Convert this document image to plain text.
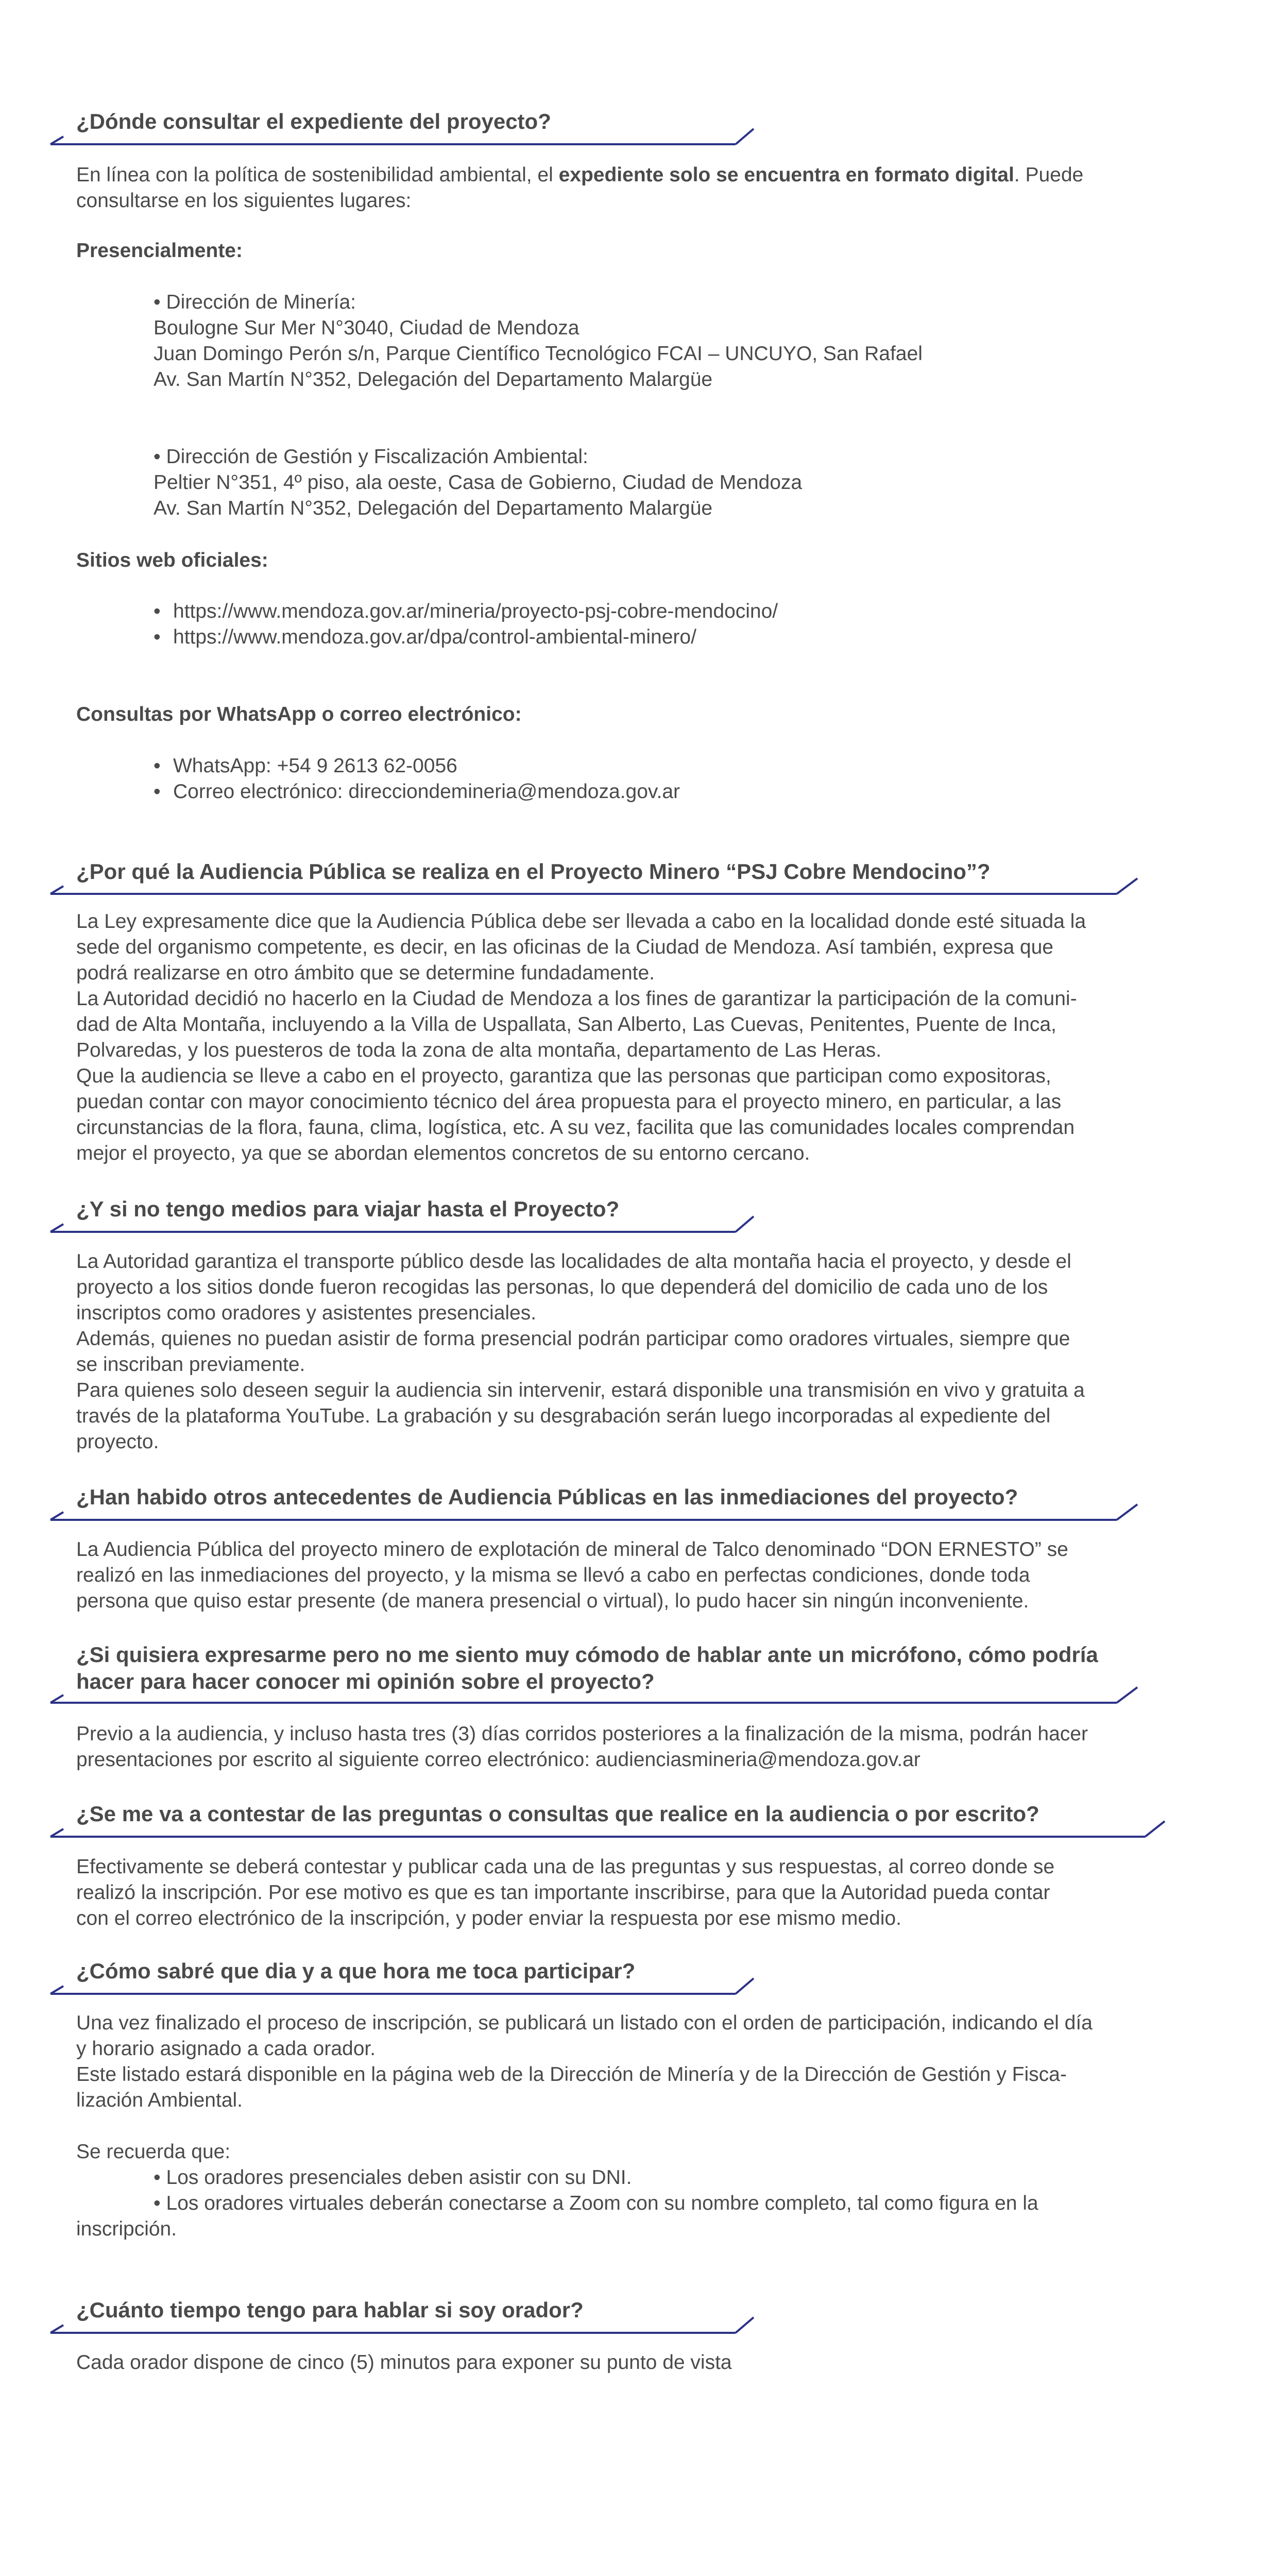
¿Dónde consultar el expediente del proyecto?

En línea con la política de sostenibilidad ambiental, el expediente solo se encuentra en formato digital. Puede
consultarse en los siguientes lugares:

Presencialmente:

• Dirección de Minería:
Boulogne Sur Mer N°3040, Ciudad de Mendoza
Juan Domingo Perón s/n, Parque Científico Tecnológico FCAI – UNCUYO, San Rafael
Av. San Martín N°352, Delegación del Departamento Malargüe
• Dirección de Gestión y Fiscalización Ambiental:
Peltier N°351, 4º piso, ala oeste, Casa de Gobierno, Ciudad de Mendoza
Av. San Martín N°352, Delegación del Departamento Malargüe

Sitios web oficiales:

• https://www.mendoza.gov.ar/mineria/proyecto-psj-cobre-mendocino/
• https://www.mendoza.gov.ar/dpa/control-ambiental-minero/

Consultas por WhatsApp o correo electrónico:

• WhatsApp: +54 9 2613 62-0056
• Correo electrónico: direcciondemineria@mendoza.gov.ar
¿Por qué la Audiencia Pública se realiza en el Proyecto Minero “PSJ Cobre Mendocino”?
La Ley expresamente dice que la Audiencia Pública debe ser llevada a cabo en la localidad donde esté situada la
sede del organismo competente, es decir, en las oficinas de la Ciudad de Mendoza. Así también, expresa que
podrá realizarse en otro ámbito que se determine fundadamente.
La Autoridad decidió no hacerlo en la Ciudad de Mendoza a los fines de garantizar la participación de la comuni-
dad de Alta Montaña, incluyendo a la Villa de Uspallata, San Alberto, Las Cuevas, Penitentes, Puente de Inca,
Polvaredas, y los puesteros de toda la zona de alta montaña, departamento de Las Heras.
Que la audiencia se lleve a cabo en el proyecto, garantiza que las personas que participan como expositoras,
puedan contar con mayor conocimiento técnico del área propuesta para el proyecto minero, en particular, a las
circunstancias de la flora, fauna, clima, logística, etc. A su vez, facilita que las comunidades locales comprendan
mejor el proyecto, ya que se abordan elementos concretos de su entorno cercano.
¿Y si no tengo medios para viajar hasta el Proyecto?
La Autoridad garantiza el transporte público desde las localidades de alta montaña hacia el proyecto, y desde el
proyecto a los sitios donde fueron recogidas las personas, lo que dependerá del domicilio de cada uno de los
inscriptos como oradores y asistentes presenciales.
Además, quienes no puedan asistir de forma presencial podrán participar como oradores virtuales, siempre que
se inscriban previamente.
Para quienes solo deseen seguir la audiencia sin intervenir, estará disponible una transmisión en vivo y gratuita a
través de la plataforma YouTube. La grabación y su desgrabación serán luego incorporadas al expediente del
proyecto.
¿Han habido otros antecedentes de Audiencia Públicas en las inmediaciones del proyecto?
La Audiencia Pública del proyecto minero de explotación de mineral de Talco denominado “DON ERNESTO” se
realizó en las inmediaciones del proyecto, y la misma se llevó a cabo en perfectas condiciones, donde toda
persona que quiso estar presente (de manera presencial o virtual), lo pudo hacer sin ningún inconveniente.
¿Si quisiera expresarme pero no me siento muy cómodo de hablar ante un micrófono, cómo podría
hacer para hacer conocer mi opinión sobre el proyecto?
Previo a la audiencia, y incluso hasta tres (3) días corridos posteriores a la finalización de la misma, podrán hacer
presentaciones por escrito al siguiente correo electrónico: audienciasmineria@mendoza.gov.ar
¿Se me va a contestar de las preguntas o consultas que realice en la audiencia o por escrito?
Efectivamente se deberá contestar y publicar cada una de las preguntas y sus respuestas, al correo donde se
realizó la inscripción. Por ese motivo es que es tan importante inscribirse, para que la Autoridad pueda contar
con el correo electrónico de la inscripción, y poder enviar la respuesta por ese mismo medio.
¿Cómo sabré que dia y a que hora me toca participar?
Una vez finalizado el proceso de inscripción, se publicará un listado con el orden de participación, indicando el día
y horario asignado a cada orador.
Este listado estará disponible en la página web de la Dirección de Minería y de la Dirección de Gestión y Fisca-
lización Ambiental.
Se recuerda que:
• Los oradores presenciales deben asistir con su DNI.
• Los oradores virtuales deberán conectarse a Zoom con su nombre completo, tal como figura en la
inscripción.
¿Cuánto tiempo tengo para hablar si soy orador?

Cada orador dispone de cinco (5) minutos para exponer su punto de vista
